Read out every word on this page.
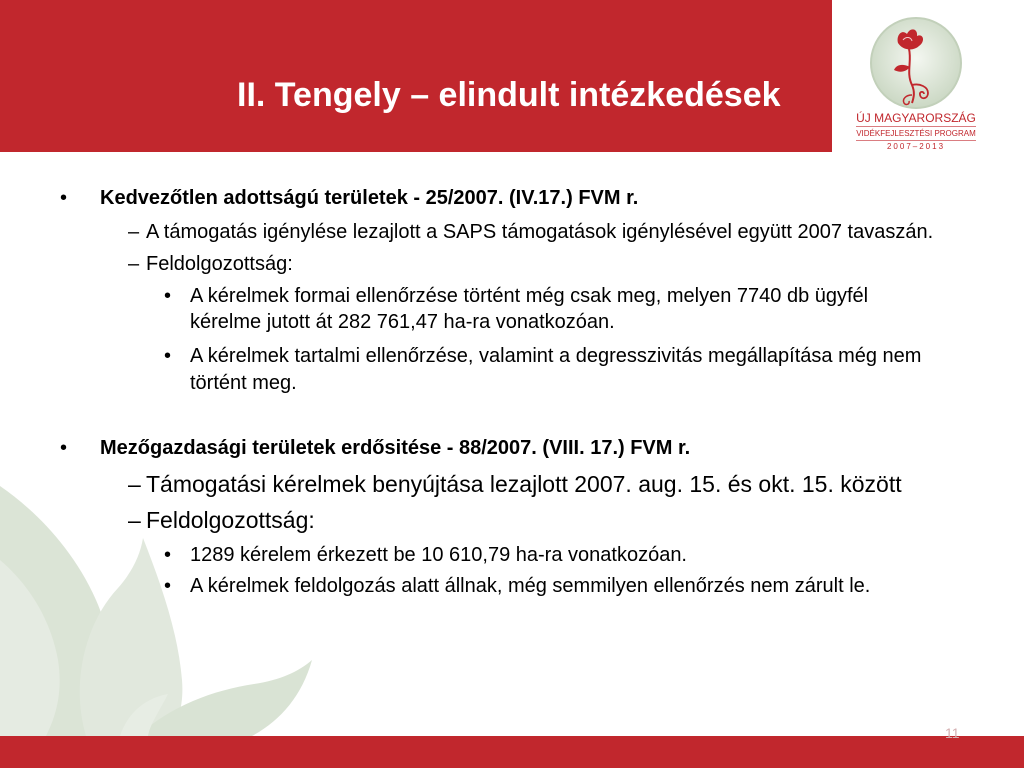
II. Tengely – elindult intézkedések
ÚJ MAGYARORSZÁG
VIDÉKFEJLESZTÉSI PROGRAM
2007–2013
• Kedvezőtlen adottságú területek - 25/2007. (IV.17.) FVM r.
– A támogatás igénylése lezajlott a SAPS támogatások igénylésével együtt 2007 tavaszán.
– Feldolgozottság:
• A kérelmek formai ellenőrzése történt még csak meg, melyen 7740 db ügyfél
kérelme jutott át 282 761,47 ha-ra vonatkozóan.
• A kérelmek tartalmi ellenőrzése, valamint a degresszivitás megállapítása még nem
történt meg.
• Mezőgazdasági területek erdősitése - 88/2007. (VIII. 17.) FVM r.
– Támogatási kérelmek benyújtása lezajlott 2007. aug. 15. és okt. 15. között
– Feldolgozottság:
• 1289 kérelem érkezett be 10 610,79 ha-ra vonatkozóan.
• A kérelmek feldolgozás alatt állnak, még semmilyen ellenőrzés nem zárult le.
11
